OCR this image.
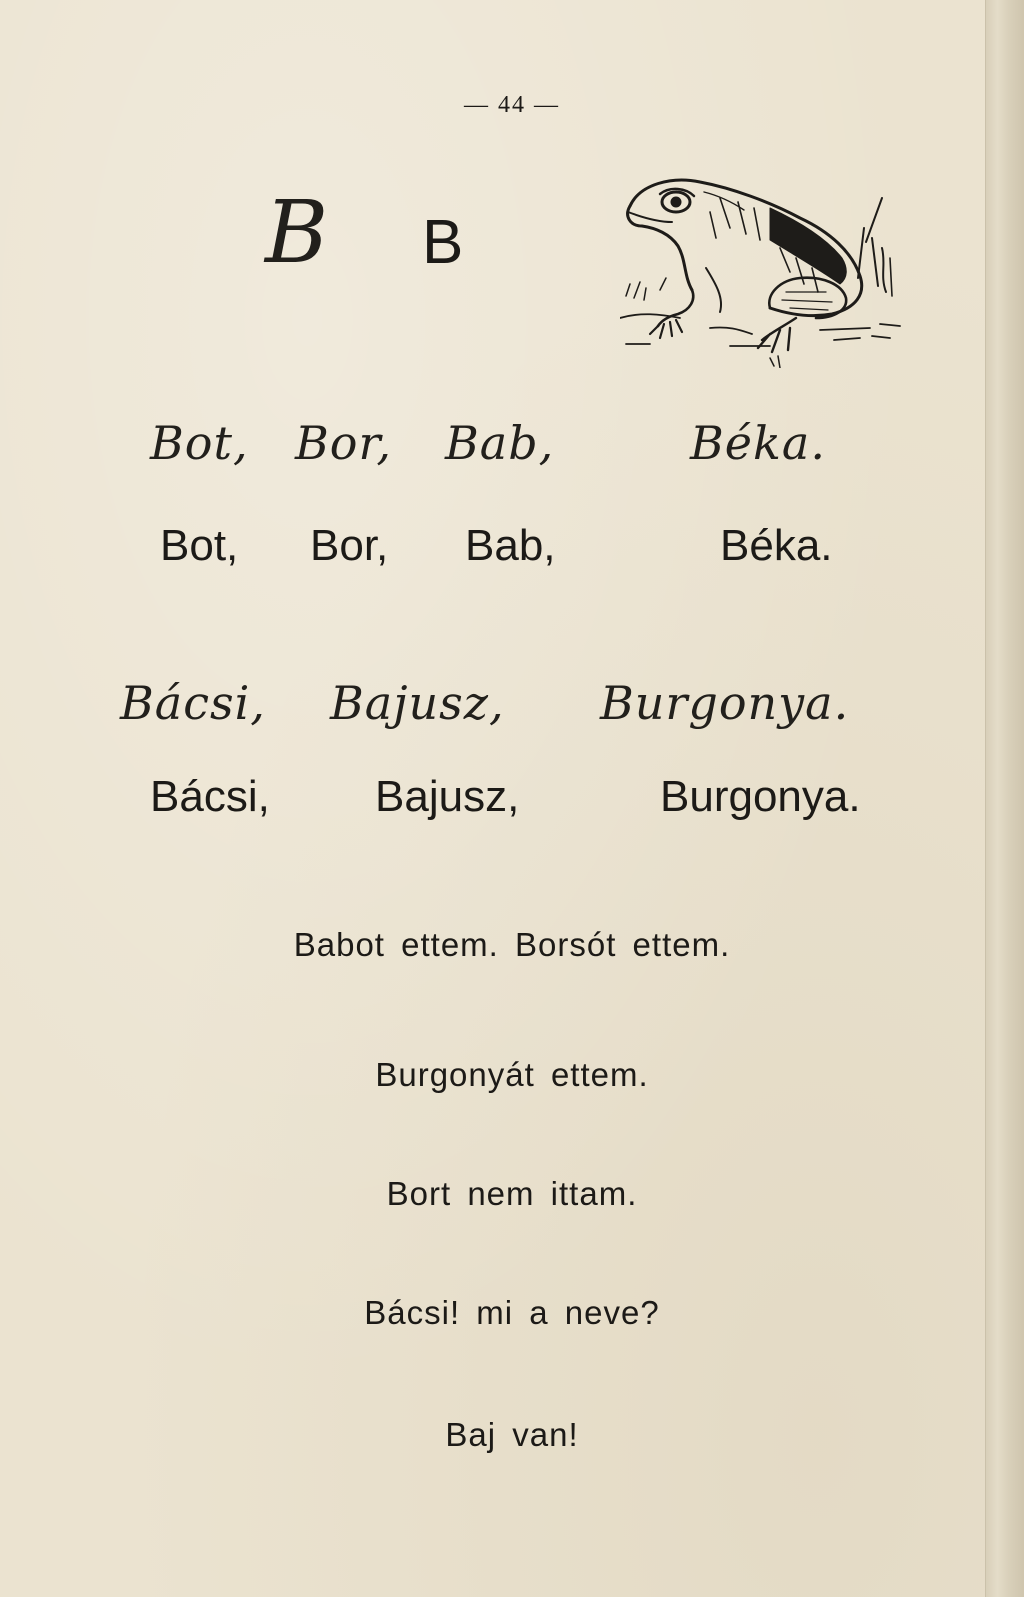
— 44 —
B B
Bot, Bor, Bab,	Béka.
Bot, Bor, Bab,	Béka.
Bácsi, Bajusz, Burgonya.
Bácsi, Bajusz,	Burgonya.
Babot ettem. Borsót ettem.
Burgonyát ettem.
Bort nem ittam.
Bácsi! mi a neve?
Baj van!
